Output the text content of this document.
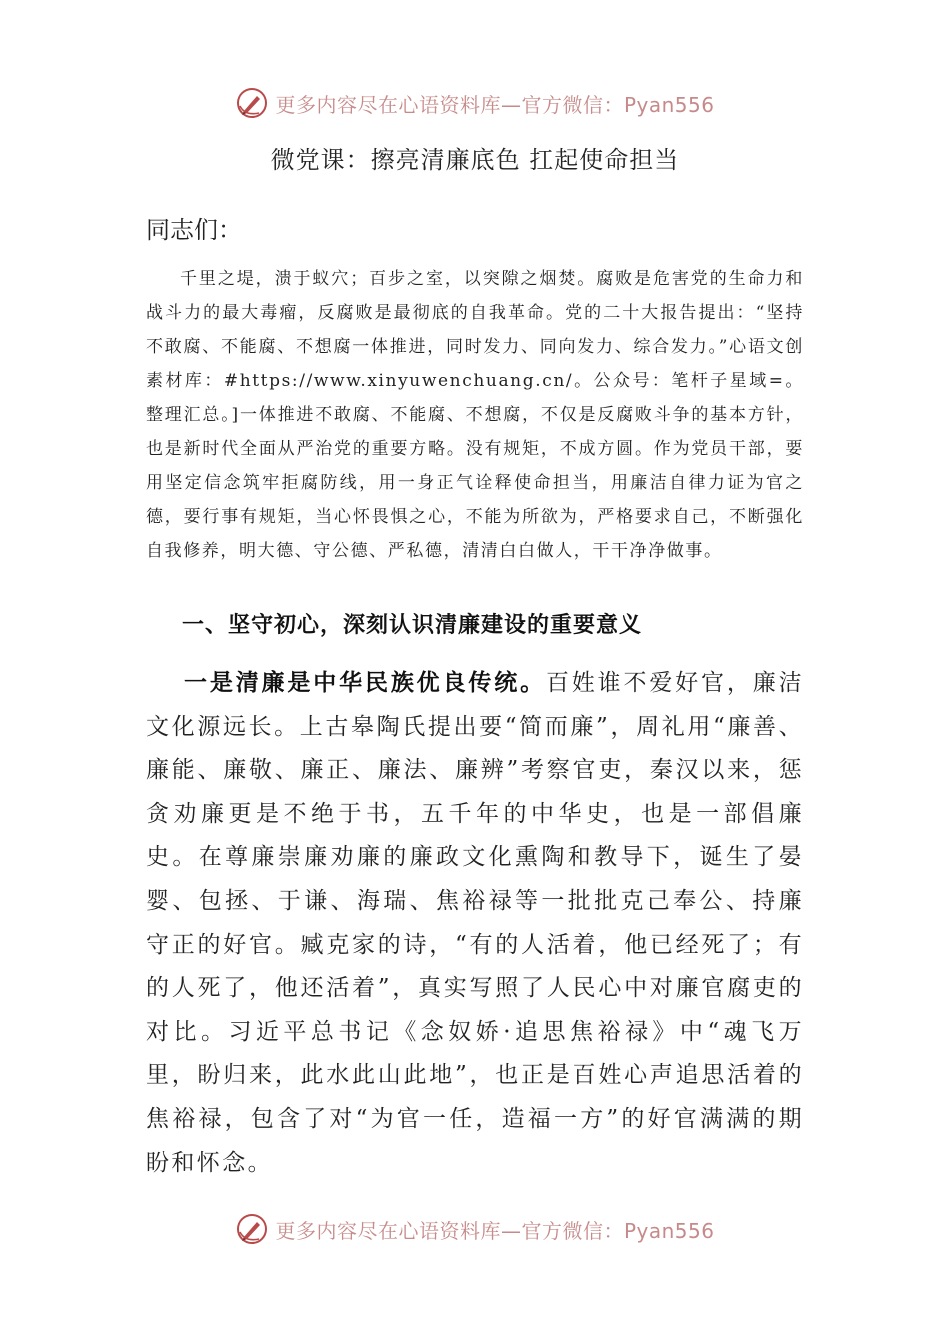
更多内容尽在心语资料库—官方微信：Pyan556
微党课：擦亮清廉底色 扛起使命担当
同志们：

千里之堤，溃于蚁穴；百步之室，以突隙之烟焚。腐败是危害党的生命力和战斗力的最大毒瘤，反腐败是最彻底的自我革命。党的二十大报告提出：“坚持不敢腐、不能腐、不想腐一体推进，同时发力、同向发力、综合发力。”心语文创素材库：#https://www.xinyuwenchuang.cn/。公众号：笔杆子星域=。整理汇总。]一体推进不敢腐、不能腐、不想腐，不仅是反腐败斗争的基本方针，也是新时代全面从严治党的重要方略。没有规矩，不成方圆。作为党员干部，要用坚定信念筑牢拒腐防线，用一身正气诠释使命担当，用廉洁自律力证为官之德，要行事有规矩，当心怀畏惧之心，不能为所欲为，严格要求自己，不断强化自我修养，明大德、守公德、严私德，清清白白做人，干干净净做事。

一、坚守初心，深刻认识清廉建设的重要意义

一是清廉是中华民族优良传统。百姓谁不爱好官，廉洁文化源远长。上古皋陶氏提出要“简而廉”，周礼用“廉善、廉能、廉敬、廉正、廉法、廉辨”考察官吏，秦汉以来，惩贪劝廉更是不绝于书，五千年的中华史，也是一部倡廉史。在尊廉崇廉劝廉的廉政文化熏陶和教导下，诞生了晏婴、包拯、于谦、海瑞、焦裕禄等一批批克己奉公、持廉守正的好官。臧克家的诗，“有的人活着，他已经死了；有的人死了，他还活着”，真实写照了人民心中对廉官腐吏的对比。习近平总书记《念奴娇·追思焦裕禄》中“魂飞万里，盼归来，此水此山此地”，也正是百姓心声追思活着的焦裕禄，包含了对“为官一任，造福一方”的好官满满的期盼和怀念。

更多内容尽在心语资料库—官方微信：Pyan556
